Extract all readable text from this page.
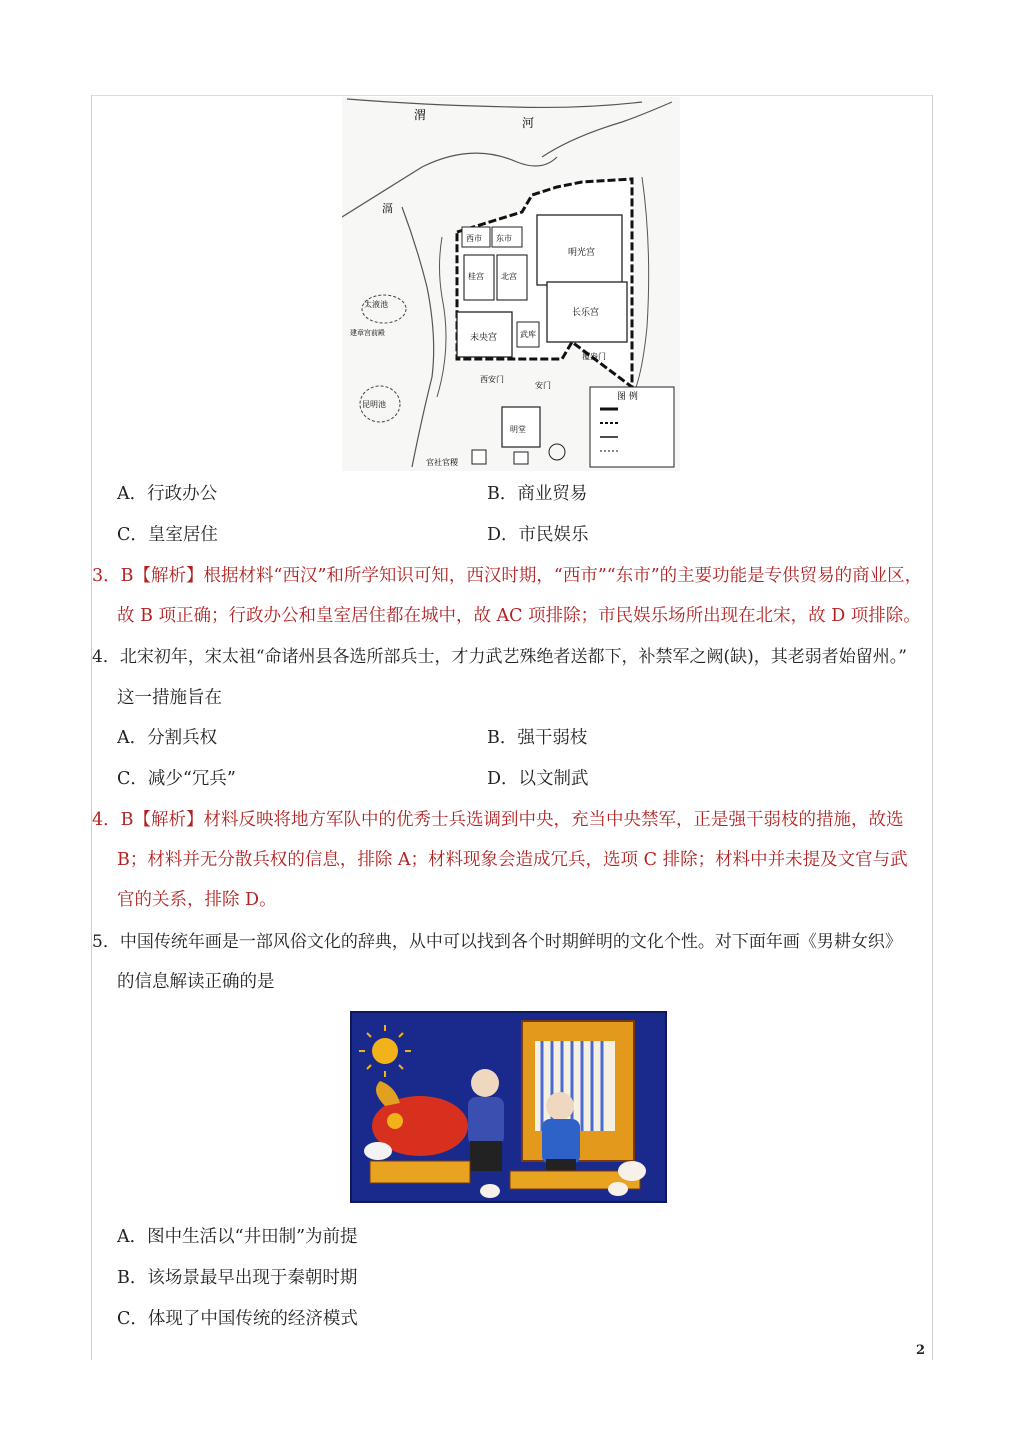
渭
河
滆
西市 东市
桂宫 北宫
明光宫
长乐宫
未央宫	武库
西安门
安门
覆盎门
明堂
官社官稷
建章宫前殿
太液池
昆明池
图 例
A．行政办公	B．商业贸易
C．皇室居住	D．市民娱乐
3．B【解析】根据材料“西汉”和所学知识可知，西汉时期，“西市”“东市”的主要功能是专供贸易的商业区，
故 B 项正确；行政办公和皇室居住都在城中，故 AC 项排除；市民娱乐场所出现在北宋，故 D 项排除。
4．北宋初年，宋太祖“命诸州县各选所部兵士，才力武艺殊绝者送都下，补禁军之阙(缺)，其老弱者始留州。”
这一措施旨在
A．分割兵权	B．强干弱枝
C．减少“冗兵”	D．以文制武
4．B【解析】材料反映将地方军队中的优秀士兵选调到中央，充当中央禁军，正是强干弱枝的措施，故选
B；材料并无分散兵权的信息，排除 A；材料现象会造成冗兵，选项 C 排除；材料中并未提及文官与武
官的关系，排除 D。
5．中国传统年画是一部风俗文化的辞典，从中可以找到各个时期鲜明的文化个性。对下面年画《男耕女织》
的信息解读正确的是
A．图中生活以“井田制”为前提
B．该场景最早出现于秦朝时期
C．体现了中国传统的经济模式
2
